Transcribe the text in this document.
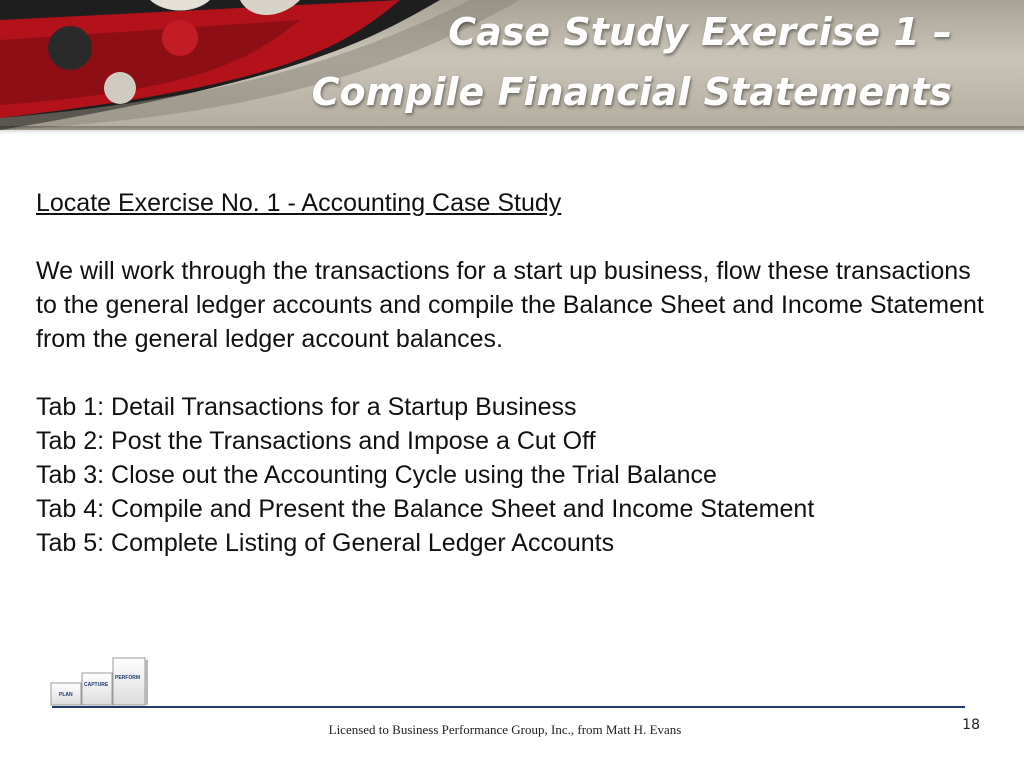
Case Study Exercise 1 –
Compile Financial Statements

Locate Exercise No. 1 - Accounting Case Study

We will work through the transactions for a start up business, flow these transactions to the general ledger accounts and compile the Balance Sheet and Income Statement from the general ledger account balances.

Tab 1: Detail Transactions for a Startup Business
Tab 2: Post the Transactions and Impose a Cut Off
Tab 3: Close out the Accounting Cycle using the Trial Balance
Tab 4: Compile and Present the Balance Sheet and Income Statement
Tab 5: Complete Listing of General Ledger Accounts
PLAN
CAPTURE
PERFORM
Licensed to Business Performance Group, Inc., from Matt H. Evans	18
